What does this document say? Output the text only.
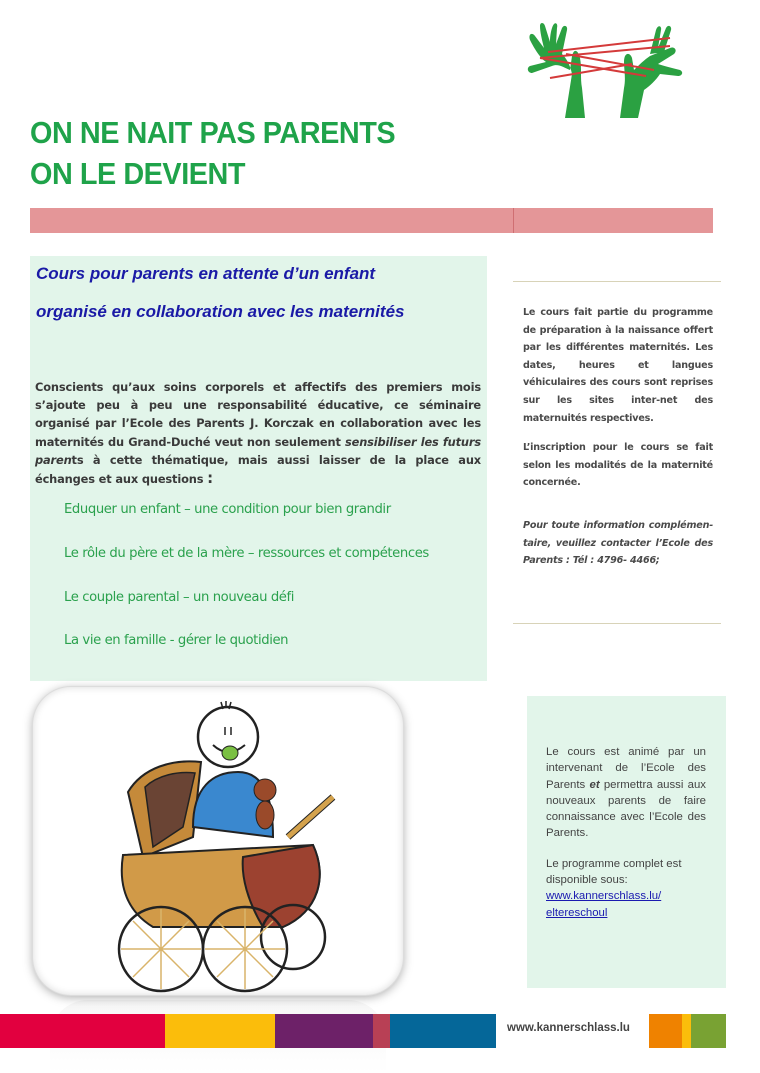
ON NE NAIT PAS PARENTS
ON LE DEVIENT
Cours pour parents en attente d’un enfant
organisé en collaboration avec les maternités
Conscients qu’aux soins corporels et affectifs des premiers mois s’ajoute peu à peu une responsabilité éducative, ce séminaire organisé par l’Ecole des Parents J. Korczak en collaboration avec les maternités du Grand-Duché veut non seulement sensibiliser les futurs parents à cette thématique, mais aussi laisser de la place aux échanges et aux questions :
Eduquer un enfant – une condition pour bien grandir
Le rôle du père et de la mère – ressources et compétences
Le couple parental – un nouveau défi
La vie en famille - gérer le quotidien

Le cours fait partie du programme de préparation à la naissance offert par les différentes maternités. Les dates, heures et langues véhiculaires des cours sont reprises sur les sites inter-net des maternuités respectives.

L’inscription pour le cours se fait selon les modalités de la maternité concernée.

Pour toute information complémen-taire, veuillez contacter l’Ecole des Parents : Tél : 4796- 4466;

Le cours est animé par un intervenant de l’Ecole des Parents et permettra aussi aux nouveaux parents de faire connaissance avec l’Ecole des Parents.

Le programme complet est disponible sous:
www.kannerschlass.lu/
eltereschoul

www.kannerschlass.lu
